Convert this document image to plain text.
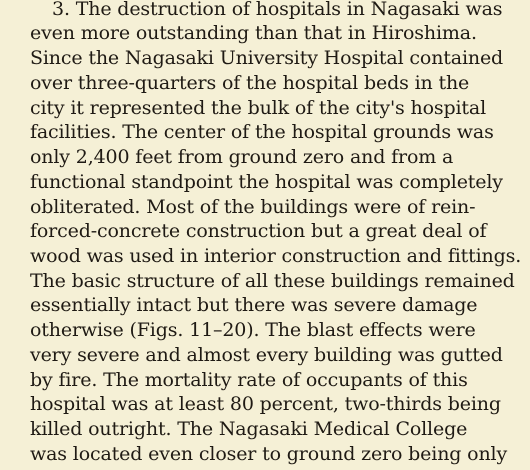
3. The destruction of hospitals in Nagasaki was
even more outstanding than that in Hiroshima.
Since the Nagasaki University Hospital contained
over three-quarters of the hospital beds in the
city it represented the bulk of the city's hospital
facilities. The center of the hospital grounds was
only 2,400 feet from ground zero and from a
functional standpoint the hospital was completely
obliterated. Most of the buildings were of rein-
forced-concrete construction but a great deal of
wood was used in interior construction and fittings.
The basic structure of all these buildings remained
essentially intact but there was severe damage
otherwise (Figs. 11–20). The blast effects were
very severe and almost every building was gutted
by fire. The mortality rate of occupants of this
hospital was at least 80 percent, two-thirds being
killed outright. The Nagasaki Medical College
was located even closer to ground zero being only
